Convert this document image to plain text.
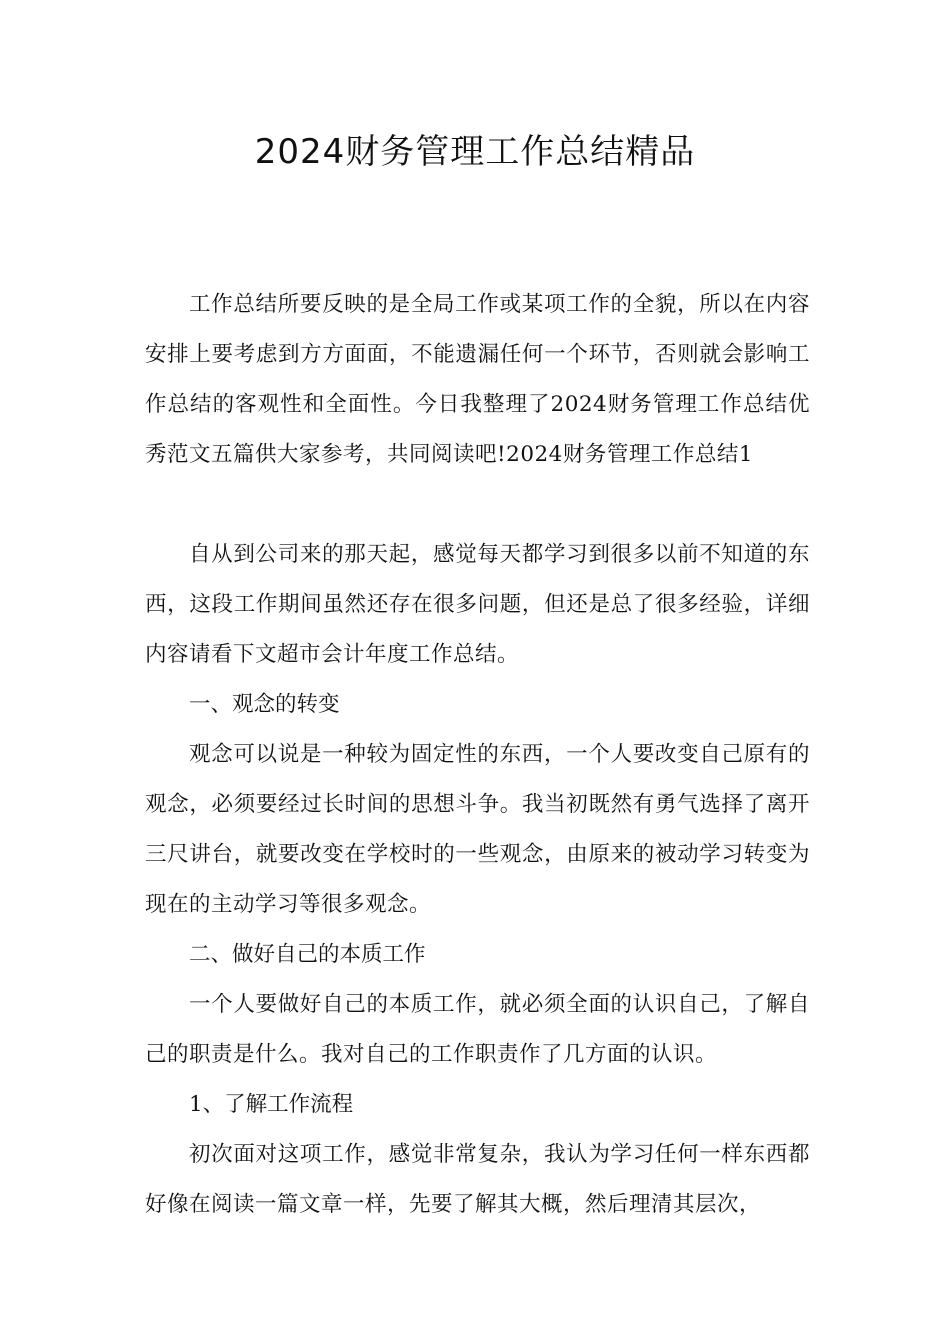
2024财务管理工作总结精品

工作总结所要反映的是全局工作或某项工作的全貌，所以在内容安排上要考虑到方方面面，不能遗漏任何一个环节，否则就会影响工作总结的客观性和全面性。今日我整理了2024财务管理工作总结优秀范文五篇供大家参考，共同阅读吧!2024财务管理工作总结1

自从到公司来的那天起，感觉每天都学习到很多以前不知道的东西，这段工作期间虽然还存在很多问题，但还是总了很多经验，详细内容请看下文超市会计年度工作总结。

一、观念的转变

观念可以说是一种较为固定性的东西，一个人要改变自己原有的观念，必须要经过长时间的思想斗争。我当初既然有勇气选择了离开三尺讲台，就要改变在学校时的一些观念，由原来的被动学习转变为现在的主动学习等很多观念。

二、做好自己的本质工作

一个人要做好自己的本质工作，就必须全面的认识自己，了解自己的职责是什么。我对自己的工作职责作了几方面的认识。

1、了解工作流程

初次面对这项工作，感觉非常复杂，我认为学习任何一样东西都好像在阅读一篇文章一样，先要了解其大概，然后理清其层次，
